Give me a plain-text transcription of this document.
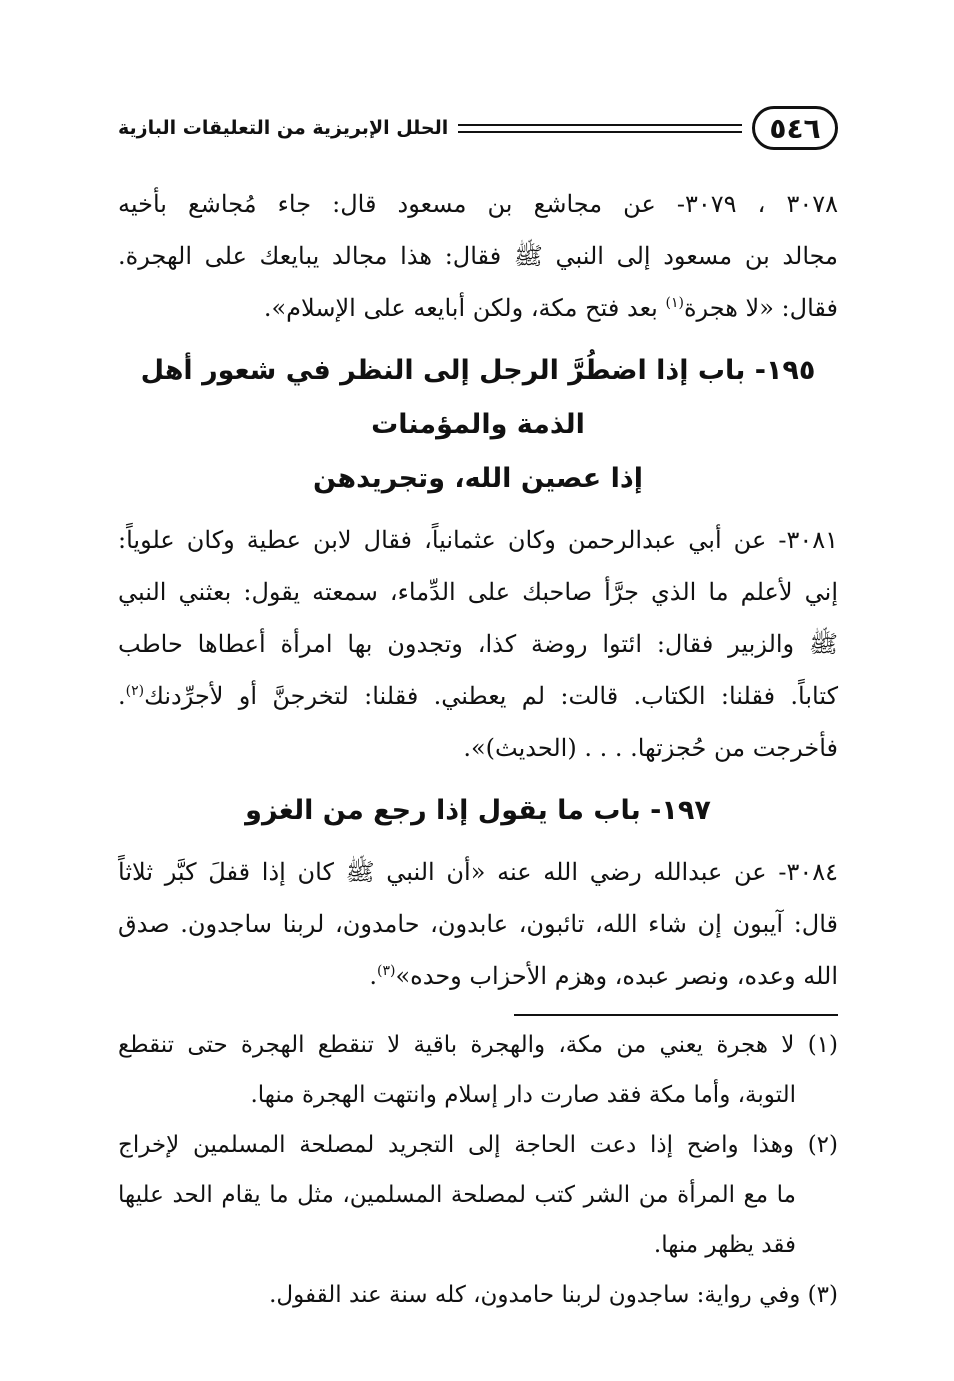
٥٤٦
الحلل الإبريزية من التعليقات البازية
٣٠٧٨ ، ٣٠٧٩- عن مجاشع بن مسعود قال: جاء مُجاشع بأخيه
مجالد بن مسعود إلى النبي ﷺ فقال: هذا مجالد يبايعك على الهجرة.
فقال: «لا هجرة$^{(١)}$ بعد فتح مكة، ولكن أبايعه على الإسلام».
١٩٥- باب إذا اضطُرَّ الرجل إلى النظر في شعور أهل الذمة والمؤمنات
إذا عصين الله، وتجريدهن
٣٠٨١- عن أبي عبدالرحمن وكان عثمانياً، فقال لابن عطية وكان علوياً:
إني لأعلم ما الذي جرَّأ صاحبك على الدِّماء، سمعته يقول: بعثني النبي
ﷺ والزبير فقال: ائتوا روضة كذا، وتجدون بها امرأة أعطاها حاطب
كتاباً. فقلنا: الكتاب. قالت: لم يعطني. فقلنا: لتخرجنَّ أو لأجرِّدنك$^{(٢)}$.
فأخرجت من حُجزتها. . . . (الحديث)».
١٩٧- باب ما يقول إذا رجع من الغزو
٣٠٨٤- عن عبدالله رضي الله عنه «أن النبي ﷺ كان إذا قفلَ كبَّر ثلاثاً
قال: آيبون إن شاء الله، تائبون، عابدون، حامدون، لربنا ساجدون. صدق
الله وعده، ونصر عبده، وهزم الأحزاب وحده»$^{(٣)}$.
(١) لا هجرة يعني من مكة، والهجرة باقية لا تنقطع الهجرة حتى تنقطع
التوبة، وأما مكة فقد صارت دار إسلام وانتهت الهجرة منها.
(٢) وهذا واضح إذا دعت الحاجة إلى التجريد لمصلحة المسلمين لإخراج
ما مع المرأة من الشر كتب لمصلحة المسلمين، مثل ما يقام الحد عليها
فقد يظهر منها.
(٣) وفي رواية: ساجدون لربنا حامدون، كله سنة عند القفول.
